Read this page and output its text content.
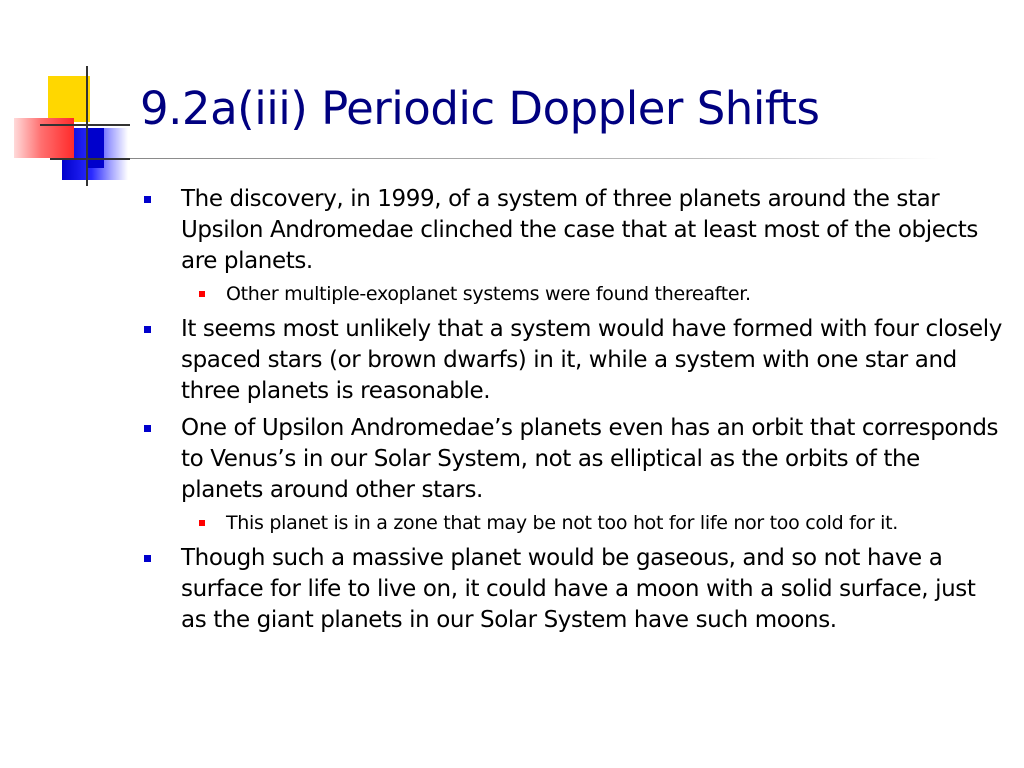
9.2a(iii) Periodic Doppler Shifts
The discovery, in 1999, of a system of three planets around the star Upsilon Andromedae clinched the case that at least most of the objects are planets.
Other multiple-exoplanet systems were found thereafter.
It seems most unlikely that a system would have formed with four closely spaced stars (or brown dwarfs) in it, while a system with one star and three planets is reasonable.
One of Upsilon Andromedae’s planets even has an orbit that corresponds to Venus’s in our Solar System, not as elliptical as the orbits of the planets around other stars.
This planet is in a zone that may be not too hot for life nor too cold for it.
Though such a massive planet would be gaseous, and so not have a surface for life to live on, it could have a moon with a solid surface, just as the giant planets in our Solar System have such moons.
